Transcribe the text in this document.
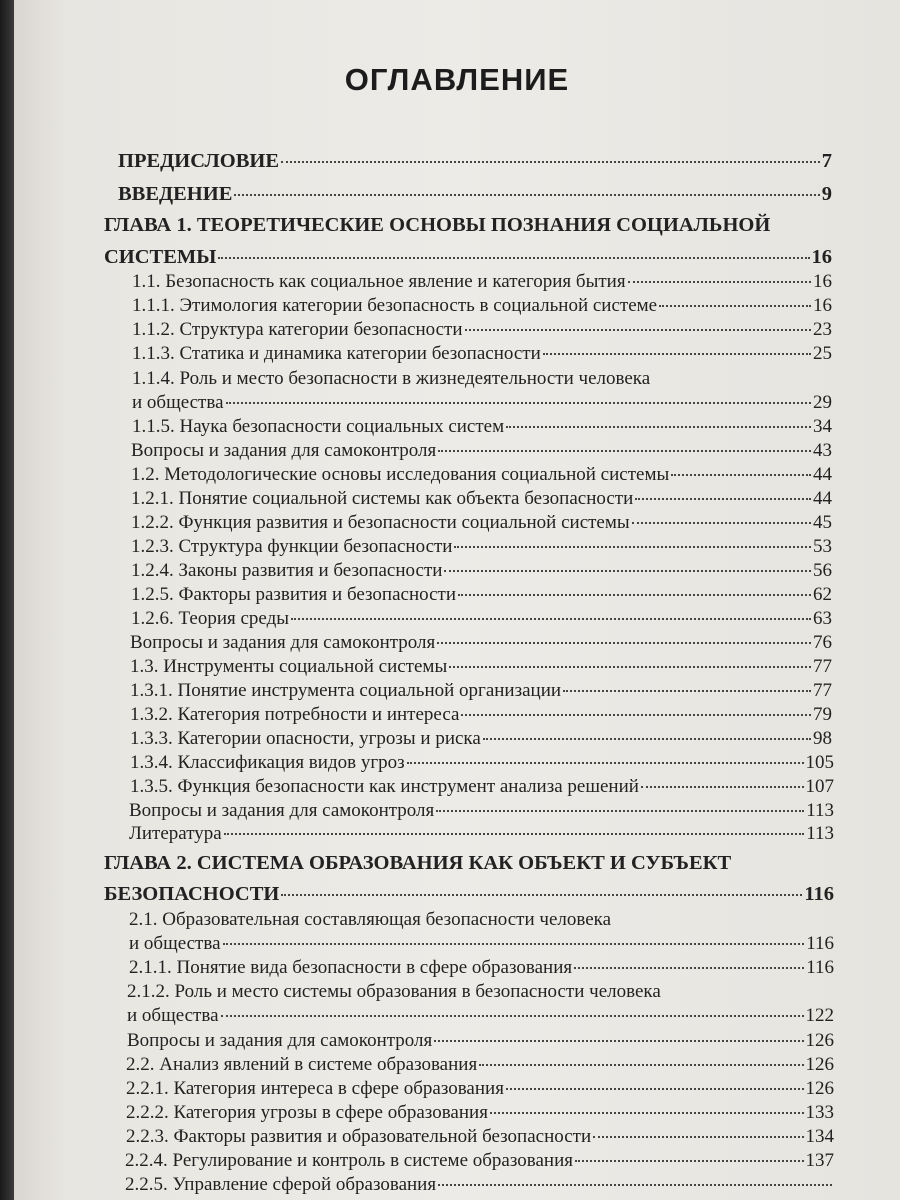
ОГЛАВЛЕНИЕ
ПРЕДИСЛОВИЕ	7
ВВЕДЕНИЕ	9
ГЛАВА 1. ТЕОРЕТИЧЕСКИЕ ОСНОВЫ ПОЗНАНИЯ СОЦИАЛЬНОЙ
СИСТЕМЫ	16
1.1. Безопасность как социальное явление и категория бытия	16
1.1.1. Этимология категории безопасность в социальной системе	16
1.1.2. Структура категории безопасности	23
1.1.3. Статика и динамика категории безопасности	25
1.1.4. Роль и место безопасности в жизнедеятельности человека
и общества	29
1.1.5. Наука безопасности социальных систем	34
Вопросы и задания для самоконтроля	43
1.2. Методологические основы исследования социальной системы	44
1.2.1. Понятие социальной системы как объекта безопасности	44
1.2.2. Функция развития и безопасности социальной системы	45
1.2.3. Структура функции безопасности	53
1.2.4. Законы развития и безопасности	56
1.2.5. Факторы развития и безопасности	62
1.2.6. Теория среды	63
Вопросы и задания для самоконтроля	76
1.3. Инструменты социальной системы	77
1.3.1. Понятие инструмента социальной организации	77
1.3.2. Категория потребности и интереса	79
1.3.3. Категории опасности, угрозы и риска	98
1.3.4. Классификация видов угроз	105
1.3.5. Функция безопасности как инструмент анализа решений	107
Вопросы и задания для самоконтроля	113
Литература	113
ГЛАВА 2. СИСТЕМА ОБРАЗОВАНИЯ КАК ОБЪЕКТ И СУБЪЕКТ
БЕЗОПАСНОСТИ	116
2.1. Образовательная составляющая безопасности человека
и общества	116
2.1.1. Понятие вида безопасности в сфере образования	116
2.1.2. Роль и место системы образования в безопасности человека
и общества	122
Вопросы и задания для самоконтроля	126
2.2. Анализ явлений в системе образования	126
2.2.1. Категория интереса в сфере образования	126
2.2.2. Категория угрозы в сфере образования	133
2.2.3. Факторы развития и образовательной безопасности	134
2.2.4. Регулирование и контроль в системе образования	137
2.2.5. Управление сферой образования
